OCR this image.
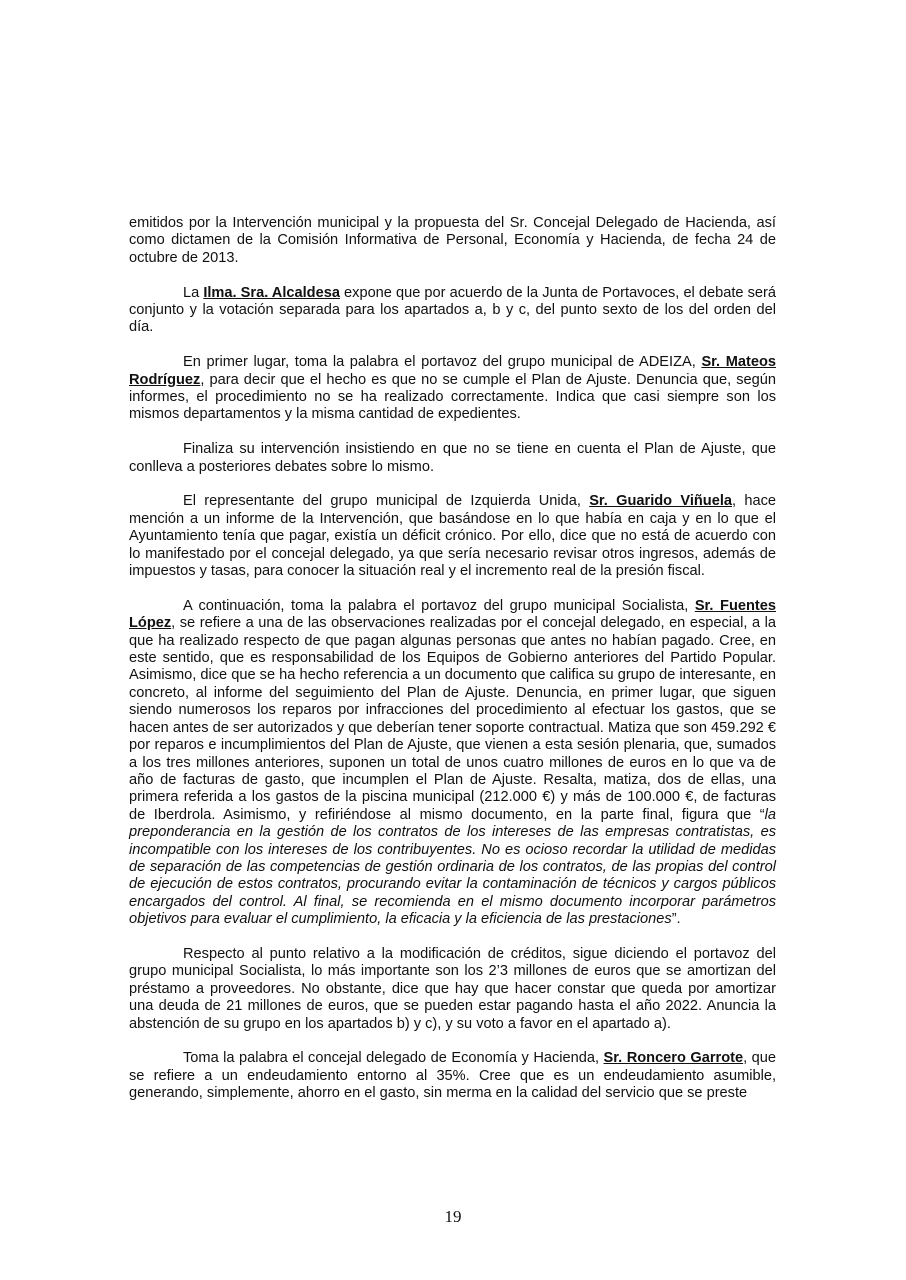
emitidos por la Intervención municipal y la propuesta del Sr. Concejal Delegado de Hacienda, así como dictamen de la Comisión Informativa de Personal, Economía y Hacienda, de fecha 24 de octubre de 2013.

La Ilma. Sra. Alcaldesa expone que por acuerdo de la Junta de Portavoces, el debate será conjunto y la votación separada para los apartados a, b y c, del punto sexto de los del orden del día.

En primer lugar, toma la palabra el portavoz del grupo municipal de ADEIZA, Sr. Mateos Rodríguez, para decir que el hecho es que no se cumple el Plan de Ajuste. Denuncia que, según informes, el procedimiento no se ha realizado correctamente. Indica que casi siempre son los mismos departamentos y la misma cantidad de expedientes.

Finaliza su intervención insistiendo en que no se tiene en cuenta el Plan de Ajuste, que conlleva a posteriores debates sobre lo mismo.

El representante del grupo municipal de Izquierda Unida, Sr. Guarido Viñuela, hace mención a un informe de la Intervención, que basándose en lo que había en caja y en lo que el Ayuntamiento tenía que pagar, existía un déficit crónico. Por ello, dice que no está de acuerdo con lo manifestado por el concejal delegado, ya que sería necesario revisar otros ingresos, además de impuestos y tasas, para conocer la situación real y el incremento real de la presión fiscal.

A continuación, toma la palabra el portavoz del grupo municipal Socialista, Sr. Fuentes López, se refiere a una de las observaciones realizadas por el concejal delegado, en especial, a la que ha realizado respecto de que pagan algunas personas que antes no habían pagado. Cree, en este sentido, que es responsabilidad de los Equipos de Gobierno anteriores del Partido Popular. Asimismo, dice que se ha hecho referencia a un documento que califica su grupo de interesante, en concreto, al informe del seguimiento del Plan de Ajuste. Denuncia, en primer lugar, que siguen siendo numerosos los reparos por infracciones del procedimiento al efectuar los gastos, que se hacen antes de ser autorizados y que deberían tener soporte contractual. Matiza que son 459.292 € por reparos e incumplimientos del Plan de Ajuste, que vienen a esta sesión plenaria, que, sumados a los tres millones anteriores, suponen un total de unos cuatro millones de euros en lo que va de año de facturas de gasto, que incumplen el Plan de Ajuste. Resalta, matiza, dos de ellas, una primera referida a los gastos de la piscina municipal (212.000 €) y más de 100.000 €, de facturas de Iberdrola. Asimismo, y refiriéndose al mismo documento, en la parte final, figura que “la preponderancia en la gestión de los contratos de los intereses de las empresas contratistas, es incompatible con los intereses de los contribuyentes. No es ocioso recordar la utilidad de medidas de separación de las competencias de gestión ordinaria de los contratos, de las propias del control de ejecución de estos contratos, procurando evitar la contaminación de técnicos y cargos públicos encargados del control. Al final, se recomienda en el mismo documento incorporar parámetros objetivos para evaluar el cumplimiento, la eficacia y la eficiencia de las prestaciones”.

Respecto al punto relativo a la modificación de créditos, sigue diciendo el portavoz del grupo municipal Socialista, lo más importante son los 2’3 millones de euros que se amortizan del préstamo a proveedores. No obstante, dice que hay que hacer constar que queda por amortizar una deuda de 21 millones de euros, que se pueden estar pagando hasta el año 2022. Anuncia la abstención de su grupo en los apartados b) y c), y su voto a favor en el apartado a).

Toma la palabra el concejal delegado de Economía y Hacienda, Sr. Roncero Garrote, que se refiere a un endeudamiento entorno al 35%. Cree que es un endeudamiento asumible, generando, simplemente, ahorro en el gasto, sin merma en la calidad del servicio que se preste

19
